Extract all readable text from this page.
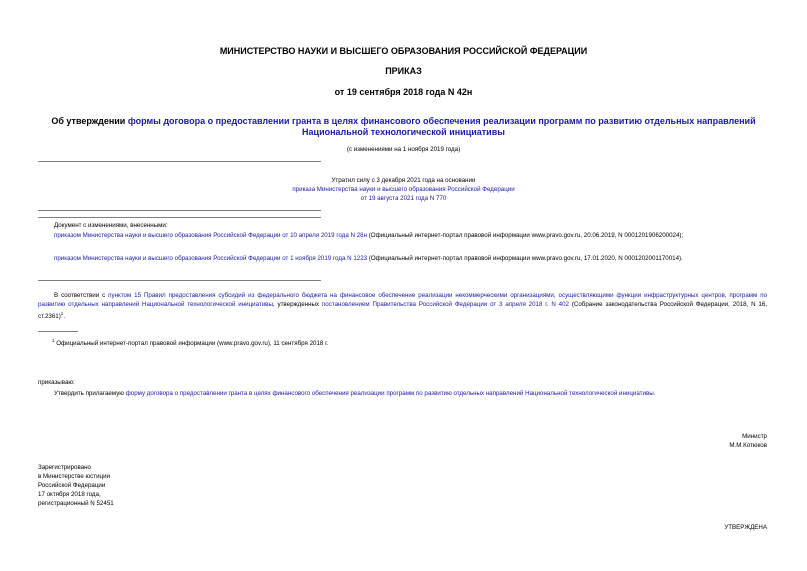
МИНИСТЕРСТВО НАУКИ И ВЫСШЕГО ОБРАЗОВАНИЯ РОССИЙСКОЙ ФЕДЕРАЦИИ
ПРИКАЗ
от 19 сентября 2018 года N 42н
Об утверждении формы договора о предоставлении гранта в целях финансового обеспечения реализации программ по развитию отдельных направлений Национальной технологической инициативы
(с изменениями на 1 ноября 2019 года)
Утратил силу с 3 декабря 2021 года на основании
приказа Министерства науки и высшего образования Российской Федерации
от 19 августа 2021 года N 770
Документ с изменениями, внесенными:
приказом Министерства науки и высшего образования Российской Федерации от 10 апреля 2019 года N 28н (Официальный интернет-портал правовой информации www.pravo.gov.ru, 20.06.2019, N 0001201906200024);
приказом Министерства науки и высшего образования Российской Федерации от 1 ноября 2019 года N 1223 (Официальный интернет-портал правовой информации www.pravo.gov.ru, 17.01.2020, N 0001202001170014).
В соответствии с пунктом 15 Правил предоставления субсидий из федерального бюджета на финансовое обеспечение реализации некоммерческими организациями, осуществляющими функции инфраструктурных центров, программ по развитию отдельных направлений Национальной технологической инициативы, утвержденных постановлением Правительства Российской Федерации от 3 апреля 2018 г. N 402 (Собрание законодательства Российской Федерации, 2018, N 16, ст.2361)$^1$.
$^1$ Официальный интернет-портал правовой информации (www.pravo.gov.ru), 11 сентября 2018 г.
приказываю:
Утвердить прилагаемую форму договора о предоставлении гранта в целях финансового обеспечения реализации программ по развитию отдельных направлений Национальной технологической инициативы.
Министр
М.М.Котюков
Зарегистрировано
в Министерстве юстиции
Российской Федерации
17 октября 2018 года,
регистрационный N 52451
УТВЕРЖДЕНА
